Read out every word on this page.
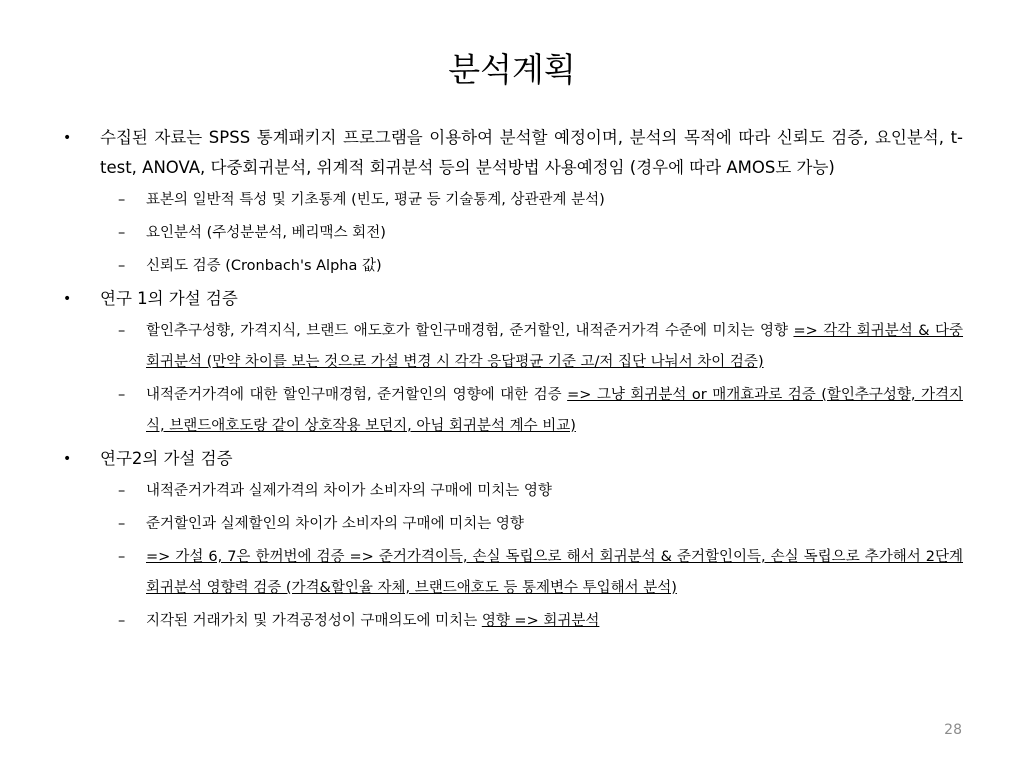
분석계획
•	수집된 자료는 SPSS 통계패키지 프로그램을 이용하여 분석할 예정이며, 분석의 목적에 따라 신뢰도 검증, 요인분석, t-test, ANOVA, 다중회귀분석, 위계적 회귀분석 등의 분석방법 사용예정임 (경우에 따라 AMOS도 가능)
–	표본의 일반적 특성 및 기초통계 (빈도, 평균 등 기술통계, 상관관계 분석)
–	요인분석 (주성분분석, 베리맥스 회전)
–	신뢰도 검증 (Cronbach's Alpha 값)
•	연구 1의 가설 검증
–	할인추구성향, 가격지식, 브랜드 애도호가 할인구매경험, 준거할인, 내적준거가격 수준에 미치는 영향 => 각각 회귀분석 & 다중회귀분석 (만약 차이를 보는 것으로 가설 변경 시 각각 응답평균 기준 고/저 집단 나눠서 차이 검증)
–	내적준거가격에 대한 할인구매경험, 준거할인의 영향에 대한 검증 => 그냥 회귀분석 or 매개효과로 검증 (할인추구성향, 가격지식, 브랜드애호도랑 같이 상호작용 보던지, 아님 회귀분석 계수 비교)
•	연구2의 가설 검증
–	내적준거가격과 실제가격의 차이가 소비자의 구매에 미치는 영향
–	준거할인과 실제할인의 차이가 소비자의 구매에 미치는 영향
–	=> 가설 6, 7은 한꺼번에 검증 => 준거가격이득, 손실 독립으로 해서 회귀분석 & 준거할인이득, 손실 독립으로 추가해서 2단계 회귀분석 영향력 검증 (가격&할인율 자체, 브랜드애호도 등 통제변수 투입해서 분석)
–	지각된 거래가치 및 가격공정성이 구매의도에 미치는 영향 => 회귀분석
28
